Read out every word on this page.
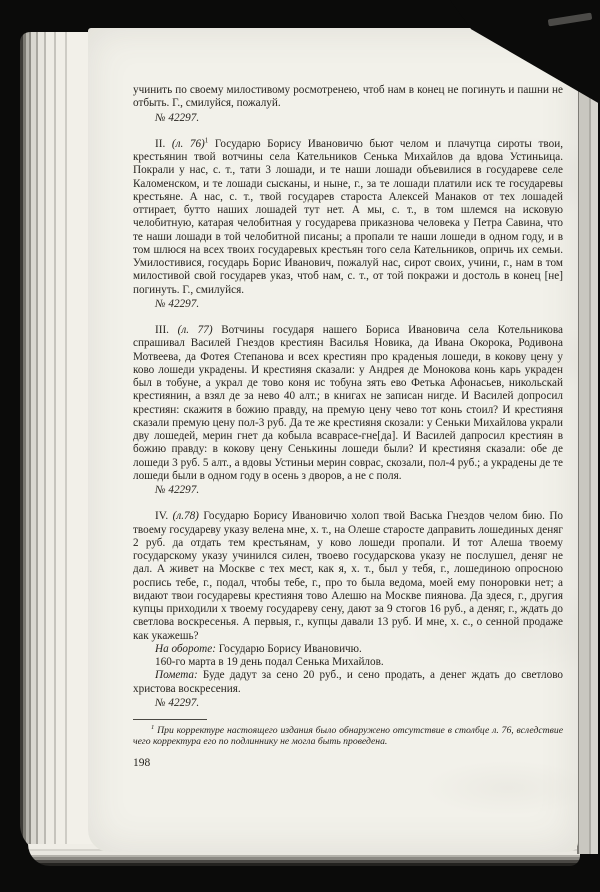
учинить по своему милостивому росмотренею, чтоб нам в конец не погинуть и пашни не отбыть. Г., смилуйся, пожалуй.

№ 42297.

II. (л. 76)$^1$ Государю Борису Ивановичю бьют челом и плачутца сироты твои, крестьянин твой вотчины села Кательников Сенька Михайлов да вдова Устиньица. Покрали у нас, с. т., тати 3 лошади, и те наши лошади объевилися в государеве селе Каломенском, и те лошади сысканы, и ныне, г., за те лошади платили иск те государевы крестьяне. А нас, с. т., твой государев староста Алексей Манаков от тех лошадей оттирает, бутто наших лошадей тут нет. А мы, с. т., в том шлемся на исковую челобитную, катарая челобитная у государева приказнова человека у Петра Савина, что те наши лошади в той челобитной писаны; а пропали те наши лошеди в одном году, и в том шлюся на всех твоих государевых крестьян того села Кательников, опричь их семьи. Умилостивися, государь Борис Иванович, пожалуй нас, сирот своих, учини, г., нам в том милостивой свой государев указ, чтоб нам, с. т., от той покражи и достоль в конец [не] погинуть. Г., смилуйся.

№ 42297.

III. (л. 77) Вотчины государя нашего Бориса Ивановича села Котельникова спрашивал Василей Гнездов крестиян Василья Новика, да Ивана Окорока, Родивона Мотвеева, да Фотея Степанова и всех крестиян про краденыя лошеди, в кокову цену у ково лошеди украдены. И крестияня сказали: у Андрея де Монокова конь карь украден был в тобуне, а украл де тово коня ис тобуна зять ево Фетька Афонасьев, никольскай крестиянин, а взял де за нево 40 алт.; в книгах не записан нигде. И Василей допросил крестиян: скажитя в божию правду, на премую цену чево тот конь стоил? И крестияня сказали премую цену пол-3 руб. Да те же крестияня скозали: у Сеньки Михайлова украли дву лошедей, мерин гнет да кобыла всаврасе-гне[да]. И Василей дапросил крестиян в божию правду: в кокову цену Сенькины лошеди были? И крестияня сказали: обе де лошеди 3 руб. 5 алт., а вдовы Устиньи мерин соврас, скозали, пол-4 руб.; а украдены де те лошеди были в одном году в осень з дворов, а не с поля.

№ 42297.

IV. (л.78) Государю Борису Ивановичю холоп твой Васька Гнездов челом бию. По твоему государеву указу велена мне, х. т., на Олеше старосте даправить лошединых деняг 2 руб. да отдать тем крестьянам, у ково лошеди пропали. И тот Алеша твоему государскому указу учинился силен, твоево государскова указу не послушел, деняг не дал. А живет на Москве с тех мест, как я, х. т., был у тебя, г., лошединою опросною роспись тебе, г., подал, чтобы тебе, г., про то была ведома, моей ему поноровки нет; а видают твои государевы крестияня тово Алешю на Москве пиянова. Да здеся, г., другия купцы приходили х твоему государеву сену, дают за 9 стогов 16 руб., а деняг, г., ждать до светлова воскресенья. А первыя, г., купцы давали 13 руб. И мне, х. с., о сенной продаже как укажешь?

На обороте: Государю Борису Ивановичю.

160-го марта в 19 день подал Сенька Михайлов.

Помета: Буде дадут за сено 20 руб., и сено продать, а денег ждать до светлово христова воскресения.

№ 42297.

$^1$ При корректуре настоящего издания было обнаружено отсутствие в столбце л. 76, вследствие чего корректура его по подлиннику не могла быть проведена.

198
